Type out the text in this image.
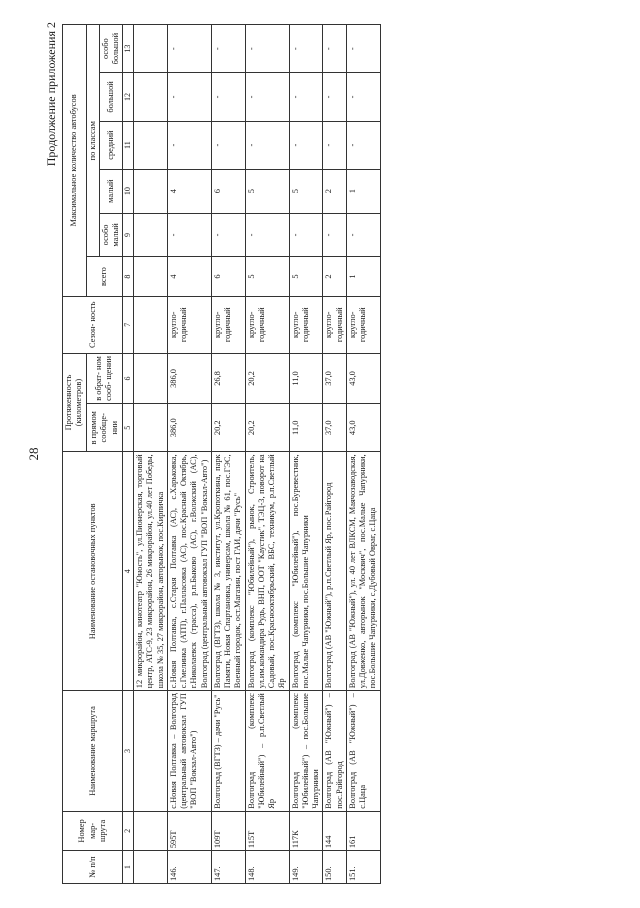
28
Продолжение приложения 2
№ п/п	Номер мар- шрута	Наименование маршрута	Наименование остановочных пунктов	Протяженность (километров)		Сезон- ность	Максимальное количество автобусов					
				в прямом сообще- нии	в обрат- ном сооб- щении		всего	по классам				
								особо малый	малый	средний	большой	особо большой
1	2	3	4	5	6	7	8	9	10	11	12	13
			12 микрорайон, кинотеатр "Юность", ул.Пионерская, торговый центр, АТС-9, 23 микрорайон, 26 микрорайон, ул.40 лет Победы, школа № 35, 27 микрорайон, авторынок, пос.Кирпичка									
146.	595Т	с.Новая Полтавка – Волгоград (центральный автовокзал ГУП "ВОП "Вокзал-Авто")	с.Новая Полтавка, с.Старая Полтавка (АС), с.Харьковка, с.Гмелинка (АТП), г.Палласовка (АС), пос.Красный Октябрь, г.Николаевск (трасса), р.п.Быково (АС), г.Волжский (АС), Волгоград (центральный автовокзал ГУП "ВОП "Вокзал-Авто")	386,0	386,0	кругло- годичный	4	-	4	-	-	-
147.	109Т	Волгоград (ВГТЗ) – дачи "Русь"	Волгоград (ВГТЗ), школа № 3, институт, ул.Кропоткина, парк Памяти, Новая Спартановка, универсам, школа № 61, пос.ГЭС, Военный городок, ост.Магазин, пост ГАИ, дачи "Русь"	20,2	26,8	кругло- годичный	6	-	6	-	-	-
148.	115Т	Волгоград (комплекс "Юбилейный") – р.п.Светлый Яр	Волгоград (комплекс "Юбилейный"), рынок, Строитель, ул.им.командира Рудь, ВНП, ООТ "Каустик", ТЭЦ-3, поворот на Садовый, пос.Краснооктябрьский, ВБС, техникум, р.п.Светлый Яр	20,2	20,2	кругло- годичный	5	-	5	-	-	-
149.	117К	Волгоград (комплекс "Юбилейный") – пос.Большие Чапурники	Волгоград (комплекс "Юбилейный"), пос.Буревестник, пос.Малые Чапурники, пос.Большие Чапурники	11,0	11,0	кругло- годичный	5	-	5	-	-	-
150.	144	Волгоград (АВ "Южный") – пос.Райгород	Волгоград (АВ "Южный"), р.п.Светлый Яр, пос.Райгород	37,0	37,0	кругло- годичный	2	-	2	-	-	-
151.	161	Волгоград (АВ "Южный") – с.Цаца	Волгоград (АВ "Южный"), ул. 40 лет ВЛКСМ, Маячозаводская, ул.Довженко, авторынок "Москвич", пос.Малые Чапурники, пос.Большие Чапурники, с.Дубовый Овраг, с.Цаца	43,0	43,0	кругло- годичный	1	-	1	-	-	-
